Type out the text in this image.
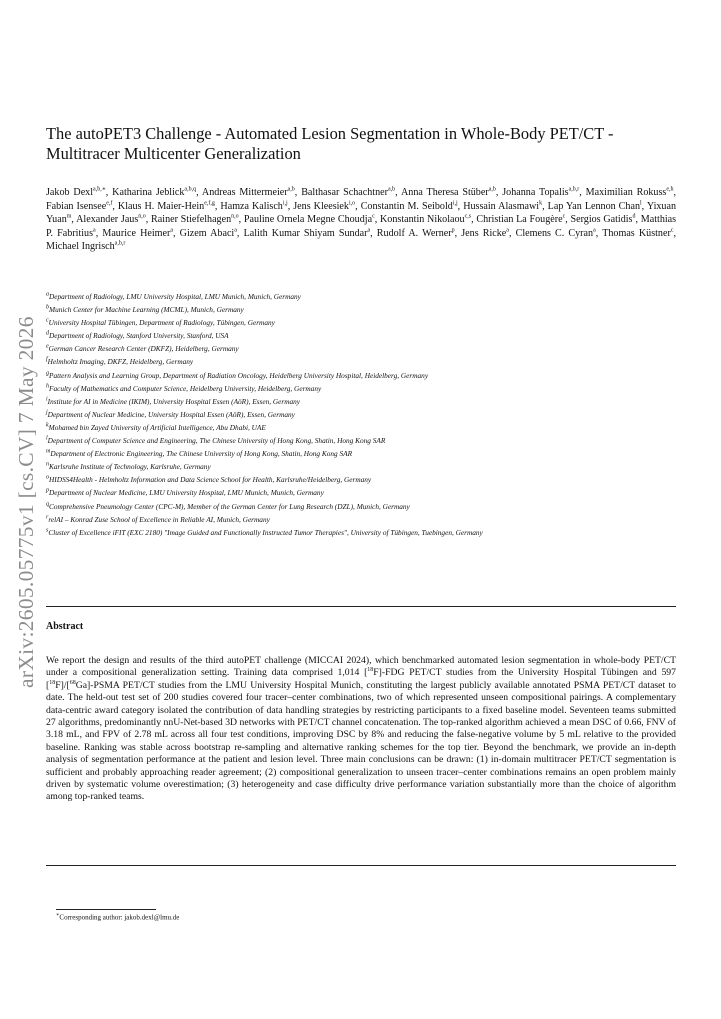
arXiv:2605.05775v1 [cs.CV] 7 May 2026
The autoPET3 Challenge - Automated Lesion Segmentation in Whole-Body PET/CT - Multitracer Multicenter Generalization
Jakob Dexl$^{a,b,∗}$, Katharina Jeblick$^{a,b,q}$, Andreas Mittermeier$^{a,b}$, Balthasar Schachtner$^{a,b}$, Anna Theresa Stüber$^{a,b}$, Johanna Topalis$^{a,b,r}$, Maximilian Rokuss$^{e,h}$, Fabian Isensee$^{e,f}$, Klaus H. Maier-Hein$^{e,f,g}$, Hamza Kalisch$^{i,j}$, Jens Kleesiek$^{i,o}$, Constantin M. Seibold$^{i,j}$, Hussain Alasmawi$^k$, Lap Yan Lennon Chan$^l$, Yixuan Yuan$^m$, Alexander Jaus$^{n,o}$, Rainer Stiefelhagen$^{n,o}$, Pauline Ornela Megne Choudja$^c$, Konstantin Nikolaou$^{c,s}$, Christian La Fougère$^c$, Sergios Gatidis$^d$, Matthias P. Fabritius$^a$, Maurice Heimer$^a$, Gizem Abaci$^a$, Lalith Kumar Shiyam Sundar$^a$, Rudolf A. Werner$^p$, Jens Ricke$^a$, Clemens C. Cyran$^a$, Thomas Küstner$^c$, Michael Ingrisch$^{a,b,r}$
$^a$Department of Radiology, LMU University Hospital, LMU Munich, Munich, Germany
$^b$Munich Center for Machine Learning (MCML), Munich, Germany
$^c$University Hospital Tübingen, Department of Radiology, Tübingen, Germany
$^d$Department of Radiology, Stanford University, Stanford, USA
$^e$German Cancer Research Center (DKFZ), Heidelberg, Germany
$^f$Helmholtz Imaging, DKFZ, Heidelberg, Germany
$^g$Pattern Analysis and Learning Group, Department of Radiation Oncology, Heidelberg University Hospital, Heidelberg, Germany
$^h$Faculty of Mathematics and Computer Science, Heidelberg University, Heidelberg, Germany
$^i$Institute for AI in Medicine (IKIM), University Hospital Essen (AöR), Essen, Germany
$^j$Department of Nuclear Medicine, University Hospital Essen (AöR), Essen, Germany
$^k$Mohamed bin Zayed University of Artificial Intelligence, Abu Dhabi, UAE
$^l$Department of Computer Science and Engineering, The Chinese University of Hong Kong, Shatin, Hong Kong SAR
$^m$Department of Electronic Engineering, The Chinese University of Hong Kong, Shatin, Hong Kong SAR
$^n$Karlsruhe Institute of Technology, Karlsruhe, Germany
$^o$HIDSS4Health - Helmholtz Information and Data Science School for Health, Karlsruhe/Heidelberg, Germany
$^p$Department of Nuclear Medicine, LMU University Hospital, LMU Munich, Munich, Germany
$^q$Comprehensive Pneumology Center (CPC-M), Member of the German Center for Lung Research (DZL), Munich, Germany
$^r$relAI – Konrad Zuse School of Excellence in Reliable AI, Munich, Germany
$^s$Cluster of Excellence iFIT (EXC 2180) "Image Guided and Functionally Instructed Tumor Therapies", University of Tübingen, Tuebingen, Germany
Abstract
We report the design and results of the third autoPET challenge (MICCAI 2024), which benchmarked automated lesion segmentation in whole-body PET/CT under a compositional generalization setting. Training data comprised 1,014 [$^{18}$F]-FDG PET/CT studies from the University Hospital Tübingen and 597 [$^{18}$F]/[$^{68}$Ga]-PSMA PET/CT studies from the LMU University Hospital Munich, constituting the largest publicly available annotated PSMA PET/CT dataset to date. The held-out test set of 200 studies covered four tracer–center combinations, two of which represented unseen compositional pairings. A complementary data-centric award category isolated the contribution of data handling strategies by restricting participants to a fixed baseline model. Seventeen teams submitted 27 algorithms, predominantly nnU-Net-based 3D networks with PET/CT channel concatenation. The top-ranked algorithm achieved a mean DSC of 0.66, FNV of 3.18 mL, and FPV of 2.78 mL across all four test conditions, improving DSC by 8% and reducing the false-negative volume by 5 mL relative to the provided baseline. Ranking was stable across bootstrap re-sampling and alternative ranking schemes for the top tier. Beyond the benchmark, we provide an in-depth analysis of segmentation performance at the patient and lesion level. Three main conclusions can be drawn: (1) in-domain multitracer PET/CT segmentation is sufficient and probably approaching reader agreement; (2) compositional generalization to unseen tracer–center combinations remains an open problem mainly driven by systematic volume overestimation; (3) heterogeneity and case difficulty drive performance variation substantially more than the choice of algorithm among top-ranked teams.
∗Corresponding author: jakob.dexl@lmu.de
